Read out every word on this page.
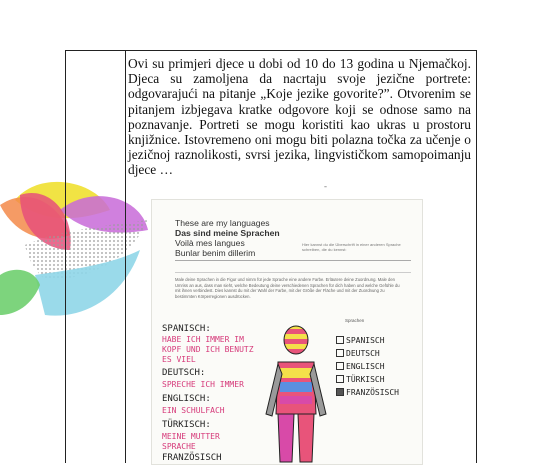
Ovi su primjeri djece u dobi od 10 do 13 godina u Njemačkoj. Djeca su zamoljena da nacrtaju svoje jezične portrete: odgovarajući na pitanje „Koje jezike govorite?”. Otvorenim se pitanjem izbjegava kratke odgovore koji se odnose samo na poznavanje. Portreti se mogu koristiti kao ukras u prostoru knjižnice. Istovremeno oni mogu biti polazna točka za učenje o jezičnoj raznolikosti, svrsi jezika, lingvističkom samopoimanju djece …

-
These are my languages
Das sind meine Sprachen
Voilà mes langues
Bunlar benim dillerim
Hier kannst du die Überschrift in einer anderen Sprache schreiben, die du kennst:
Male deine Sprachen in die Figur und nimm für jede Sprache eine andere Farbe. Erläutere deine Zuordnung. Male den Umriss an aus, dass man sieht, welche Bedeutung deine verschiedenen Sprachen für dich haben und welche Gefühle du mit ihnen verbindest. Dies kannst du mit der Wahl der Farbe, mit der Größe der Fläche und mit der Zuordnung zu bestimmten Körperregionen ausdrücken.
Sprachen
SPANISCH:
HABE ICH IMMER IM
KOPF UND ICH BENUTZ
ES VIEL
DEUTSCH:
SPRECHE ICH IMMER
ENGLISCH:
EIN SCHULFACH
TÜRKISCH:
MEINE MUTTER
SPRACHE
FRANZÖSISCH
SPANISCH
DEUTSCH
ENGLISCH
TÜRKISCH
FRANZÖSISCH
